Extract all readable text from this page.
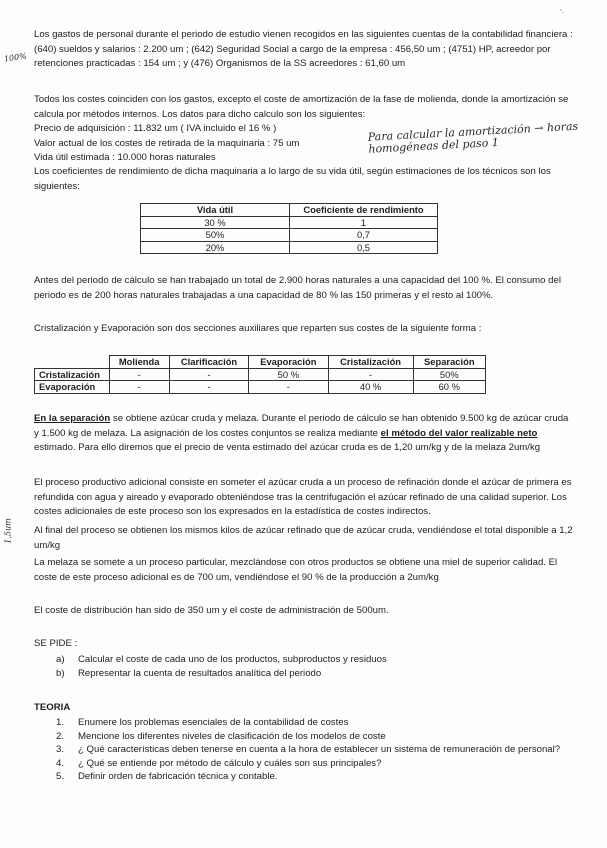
100%
1,5um
‘·

Los gastos de personal durante el periodo de estudio vienen recogidos en las siguientes cuentas de la contabilidad financiera : (640) sueldos y salarios : 2.200 um ; (642) Seguridad Social a cargo de la empresa : 456,50 um ; (4751) HP, acreedor por retenciones practicadas : 154 um ; y (476) Organismos de la SS acreedores : 61,60 um

Todos los costes coinciden con los gastos, excepto el coste de amortización de la fase de molienda, donde la amortización se calcula por métodos internos. Los datos para dicho calculo son los siguientes:

Precio de adquisición : 11.832 um ( IVA incluido el 16 % )
Valor actual de los costes de retirada de la maquinaria : 75 um
Vida útil estimada : 10.000 horas naturales
Para calcular la amortización → horas homogéneas del paso 1

Los coeficientes de rendimiento de dicha maquinaria a lo largo de su vida útil, según estimaciones de los técnicos son los siguientes:

Vida útil	Coeficiente de rendimiento
30 %	1
50%	0,7
20%	0,5

Antes del periodo de cálculo se han trabajado un total de 2.900 horas naturales a una capacidad del 100 %. El consumo del periodo es de 200 horas naturales trabajadas a una capacidad de 80 % las 150 primeras y el resto al 100%.

Cristalización y Evaporación son dos secciones auxiliares que reparten sus costes de la siguiente forma :

	Molienda	Clarificación	Evaporación	Cristalización	Separación
Cristalización	-	-	50 %	-	50%
Evaporación	-	-	-	40 %	60 %

En la separación se obtiene azúcar cruda y melaza. Durante el periodo de cálculo se han obtenido 9.500 kg de azúcar cruda y 1.500 kg de melaza. La asignación de los costes conjuntos se realiza mediante el método del valor realizable neto estimado. Para ello diremos que el precio de venta estimado del azúcar cruda es de 1,20 um/kg y de la melaza 2um/kg

El proceso productivo adicional consiste en someter el azúcar cruda a un proceso de refinación donde el azúcar de primera es refundida con agua y aireado y evaporado obteniéndose tras la centrifugación el azúcar refinado de una calidad superior. Los costes adicionales de este proceso son los expresados en la estadística de costes indirectos.

Al final del proceso se obtienen los mismos kilos de azúcar refinado que de azúcar cruda, vendiéndose el total disponible a 1,2 um/kg

La melaza se somete a un proceso particular, mezclándose con otros productos se obtiene una miel de superior calidad. El coste de este proceso adicional es de 700 um, vendiéndose el 90 % de la producción a 2um/kg

El coste de distribución han sido de 350 um y el coste de administración de 500um.

SE PIDE :

a) Calcular el coste de cada uno de los productos, subproductos y residuos
b) Representar la cuenta de resultados analítica del periodo

TEORIA

1. Enumere los problemas esenciales de la contabilidad de costes
2. Mencione los diferentes niveles de clasificación de los modelos de coste
3. ¿ Qué características deben tenerse en cuenta a la hora de establecer un sistema de remuneración de personal?
4. ¿ Qué se entiende por método de cálculo y cuáles son sus principales?
5. Definir orden de fabricación técnica y contable.
